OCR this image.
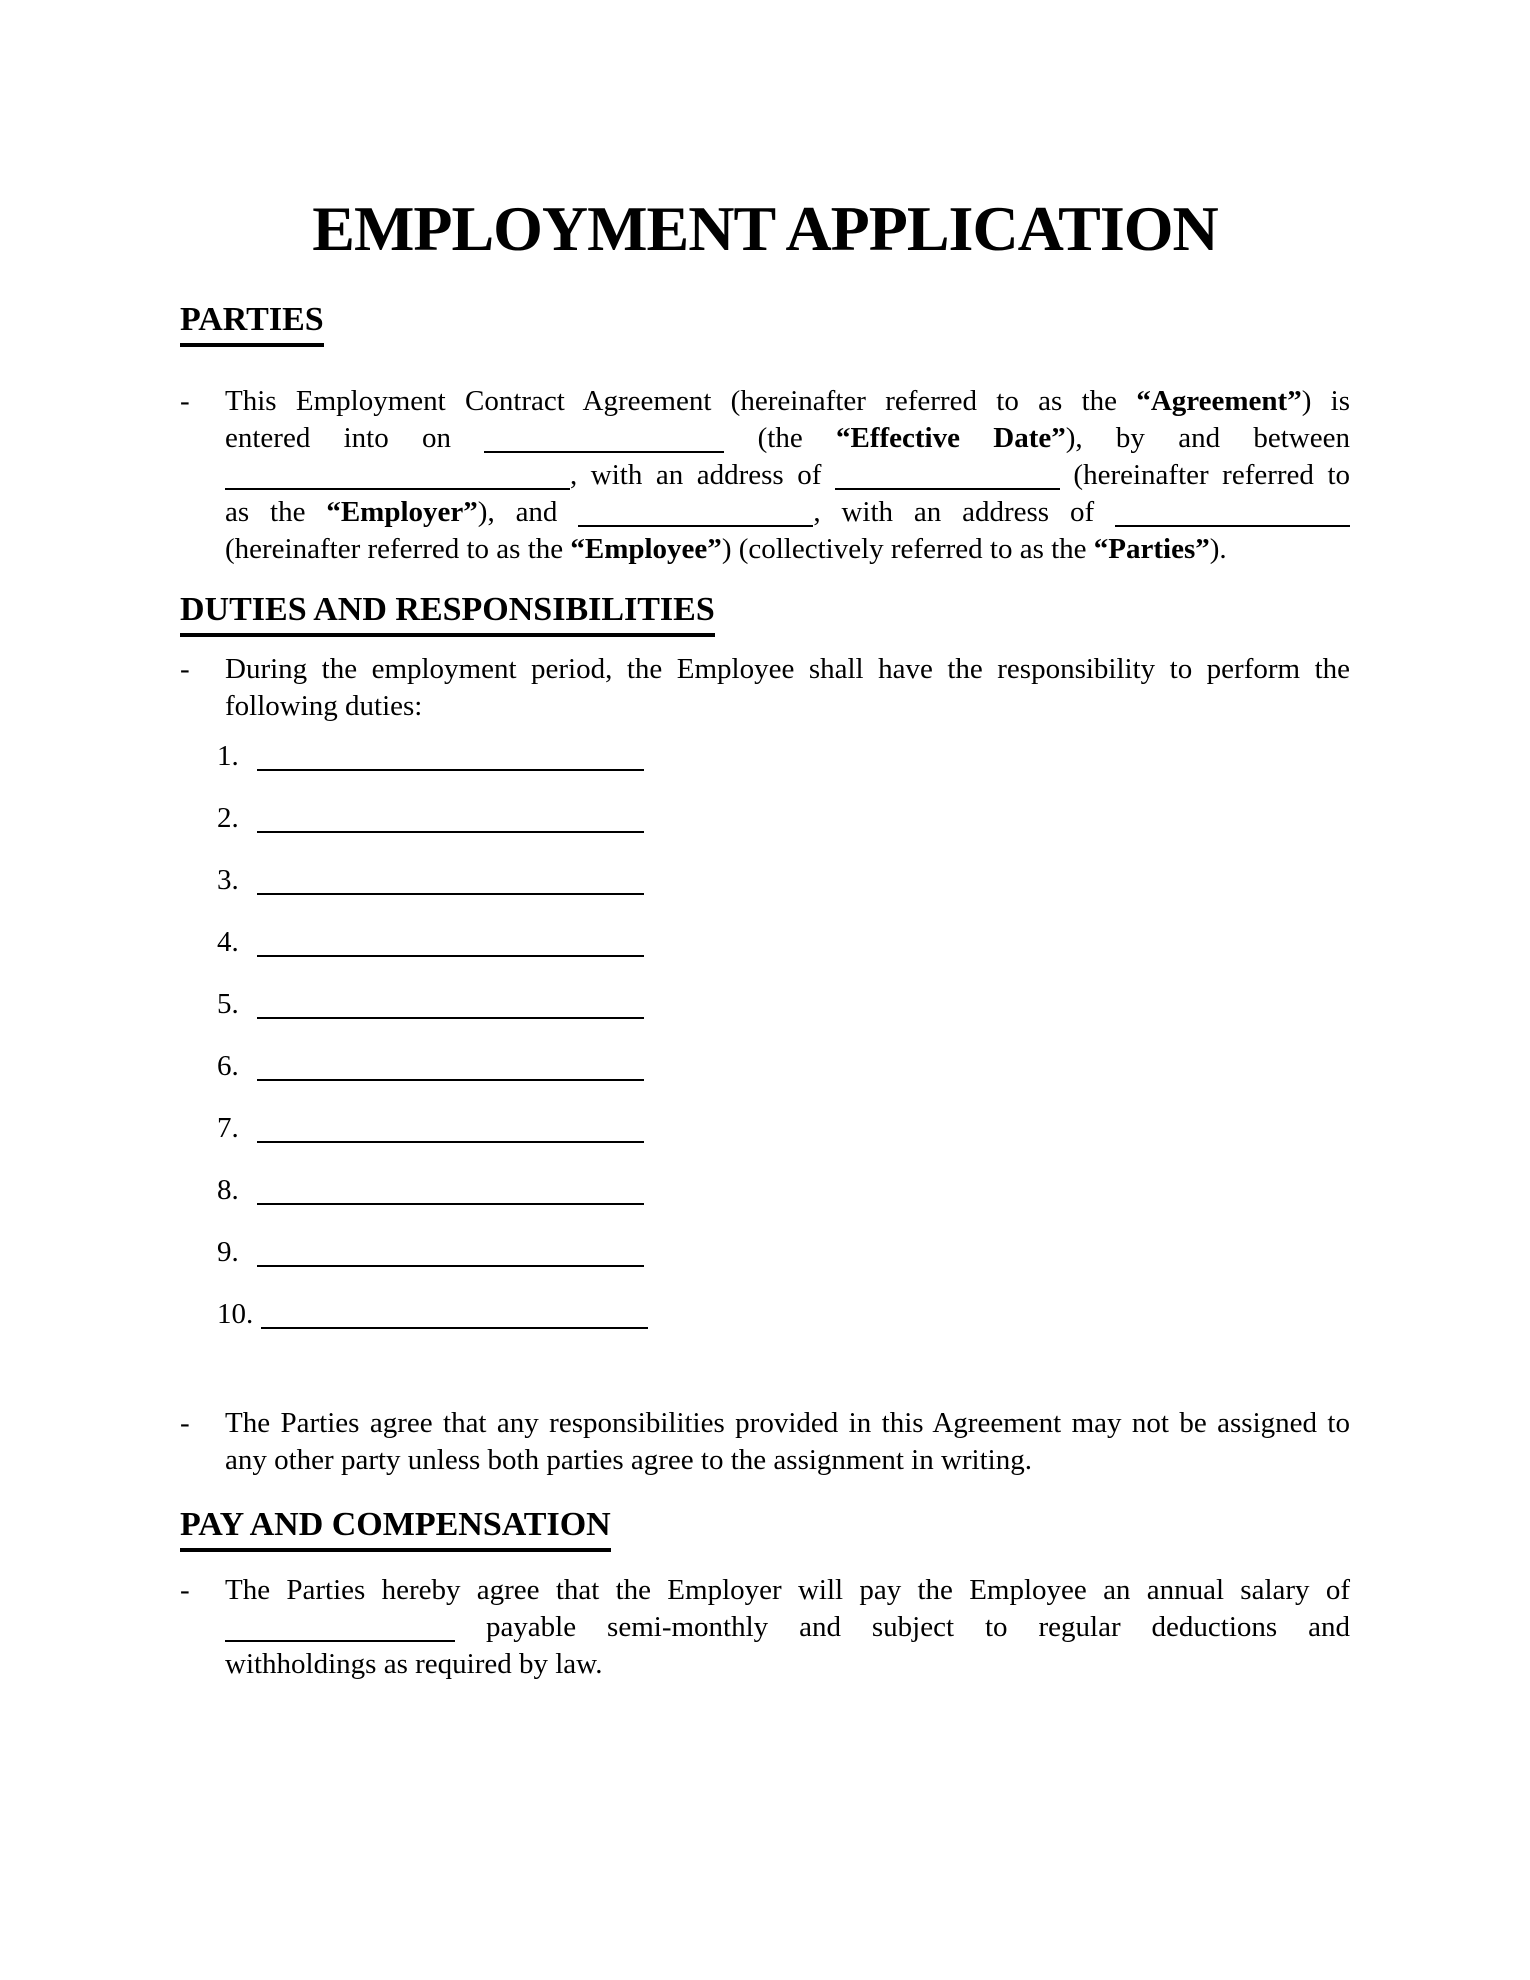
EMPLOYMENT APPLICATION
PARTIES
- This Employment Contract Agreement (hereinafter referred to as the “Agreement”) is
entered into on	(the “Effective Date”), by and between
, with an address of	(hereinafter referred to
as the “Employer”), and	, with an address of
(hereinafter referred to as the “Employee”) (collectively referred to as the “Parties”).
DUTIES AND RESPONSIBILITIES
- During the employment period, the Employee shall have the responsibility to perform the
following duties:
1.
2.
3.
4.
5.
6.
7.
8.
9.
10.
- The Parties agree that any responsibilities provided in this Agreement may not be assigned to
any other party unless both parties agree to the assignment in writing.
PAY AND COMPENSATION
- The Parties hereby agree that the Employer will pay the Employee an annual salary of
payable semi-monthly and subject to regular deductions and
withholdings as required by law.
